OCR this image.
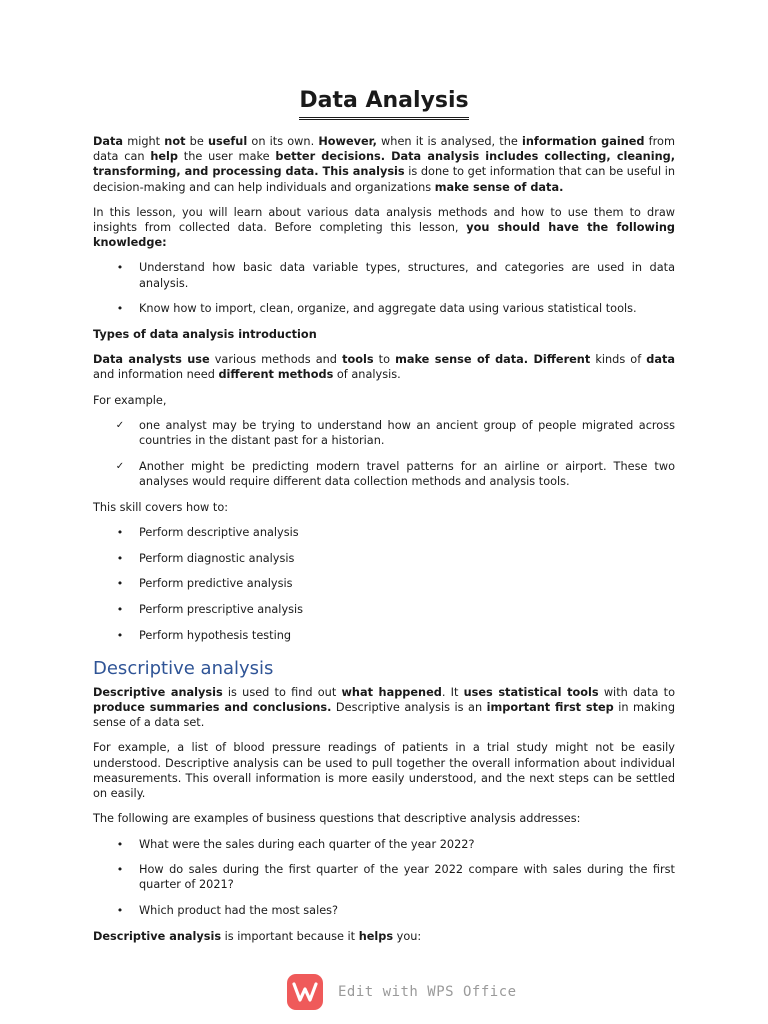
Data Analysis

Data might not be useful on its own. However, when it is analysed, the information gained from data can help the user make better decisions. Data analysis includes collecting, cleaning, transforming, and processing data. This analysis is done to get information that can be useful in decision-making and can help individuals and organizations make sense of data.

In this lesson, you will learn about various data analysis methods and how to use them to draw insights from collected data. Before completing this lesson, you should have the following knowledge:

• Understand how basic data variable types, structures, and categories are used in data analysis.
• Know how to import, clean, organize, and aggregate data using various statistical tools.

Types of data analysis introduction

Data analysts use various methods and tools to make sense of data. Different kinds of data and information need different methods of analysis.

For example,

✓ one analyst may be trying to understand how an ancient group of people migrated across countries in the distant past for a historian.
✓ Another might be predicting modern travel patterns for an airline or airport. These two analyses would require different data collection methods and analysis tools.

This skill covers how to:

• Perform descriptive analysis
• Perform diagnostic analysis
• Perform predictive analysis
• Perform prescriptive analysis
• Perform hypothesis testing
Descriptive analysis

Descriptive analysis is used to find out what happened. It uses statistical tools with data to produce summaries and conclusions. Descriptive analysis is an important first step in making sense of a data set.

For example, a list of blood pressure readings of patients in a trial study might not be easily understood. Descriptive analysis can be used to pull together the overall information about individual measurements. This overall information is more easily understood, and the next steps can be settled on easily.

The following are examples of business questions that descriptive analysis addresses:

• What were the sales during each quarter of the year 2022?
• How do sales during the first quarter of the year 2022 compare with sales during the first quarter of 2021?
• Which product had the most sales?

Descriptive analysis is important because it helps you:

Edit with WPS Office
